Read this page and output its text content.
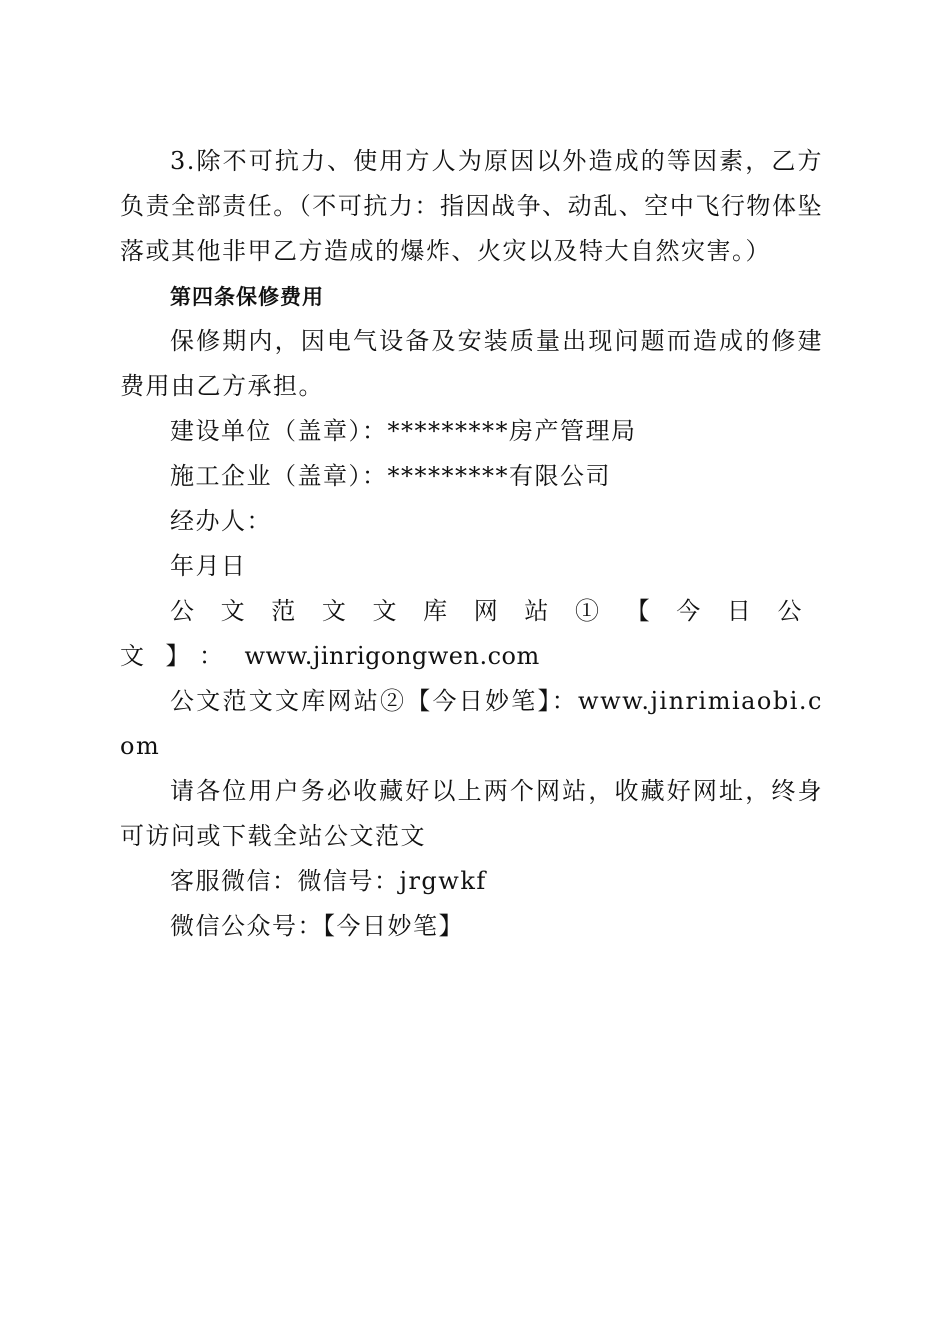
3.除不可抗力、使用方人为原因以外造成的等因素，乙方负责全部责任。（不可抗力：指因战争、动乱、空中飞行物体坠落或其他非甲乙方造成的爆炸、火灾以及特大自然灾害。）

第四条保修费用

保修期内，因电气设备及安装质量出现问题而造成的修建费用由乙方承担。

建设单位（盖章）：*********房产管理局

施工企业（盖章）：*********有限公司

经办人：

年月日

公文范文文库网站①【今日公文】：www.jinrigongwen.com

公文范文文库网站②【今日妙笔】：www.jinrimiaobi.com

请各位用户务必收藏好以上两个网站，收藏好网址，终身可访问或下载全站公文范文

客服微信：微信号：jrgwkf

微信公众号：【今日妙笔】
